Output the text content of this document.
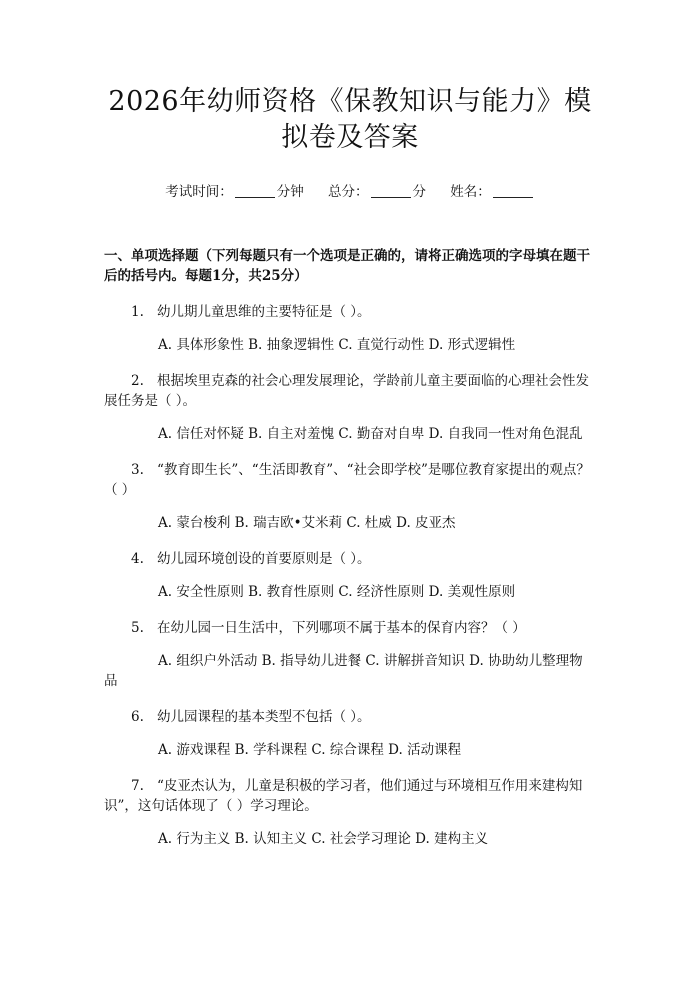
2026年幼师资格《保教知识与能力》模拟卷及答案
考试时间：	分钟 总分：	分 姓名：
一、单项选择题（下列每题只有一个选项是正确的，请将正确选项的字母填在题干后的括号内。每题1分，共25分）
1. 幼儿期儿童思维的主要特征是（ ）。
A. 具体形象性 B. 抽象逻辑性 C. 直觉行动性 D. 形式逻辑性
2. 根据埃里克森的社会心理发展理论，学龄前儿童主要面临的心理社会性发展任务是（ ）。
A. 信任对怀疑 B. 自主对羞愧 C. 勤奋对自卑 D. 自我同一性对角色混乱
3. “教育即生长”、“生活即教育”、“社会即学校”是哪位教育家提出的观点？（ ）
A. 蒙台梭利 B. 瑞吉欧•艾米莉 C. 杜威 D. 皮亚杰
4. 幼儿园环境创设的首要原则是（ ）。
A. 安全性原则 B. 教育性原则 C. 经济性原则 D. 美观性原则
5. 在幼儿园一日生活中，下列哪项不属于基本的保育内容？（ ）
A. 组织户外活动 B. 指导幼儿进餐 C. 讲解拼音知识 D. 协助幼儿整理物品
6. 幼儿园课程的基本类型不包括（ ）。
A. 游戏课程 B. 学科课程 C. 综合课程 D. 活动课程
7. “皮亚杰认为，儿童是积极的学习者，他们通过与环境相互作用来建构知识”，这句话体现了（ ）学习理论。
A. 行为主义 B. 认知主义 C. 社会学习理论 D. 建构主义
